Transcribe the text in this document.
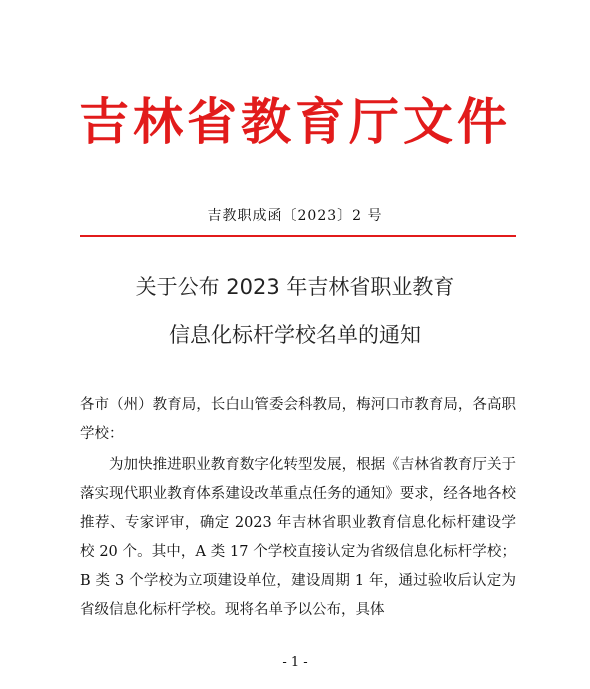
吉林省教育厅文件
吉教职成函〔2023〕2 号
关于公布 2023 年吉林省职业教育
信息化标杆学校名单的通知

各市（州）教育局，长白山管委会科教局，梅河口市教育局，各高职学校：

为加快推进职业教育数字化转型发展，根据《吉林省教育厅关于落实现代职业教育体系建设改革重点任务的通知》要求，经各地各校推荐、专家评审，确定 2023 年吉林省职业教育信息化标杆建设学校 20 个。其中，A 类 17 个学校直接认定为省级信息化标杆学校；B 类 3 个学校为立项建设单位，建设周期 1 年，通过验收后认定为省级信息化标杆学校。现将名单予以公布，具体

- 1 -
